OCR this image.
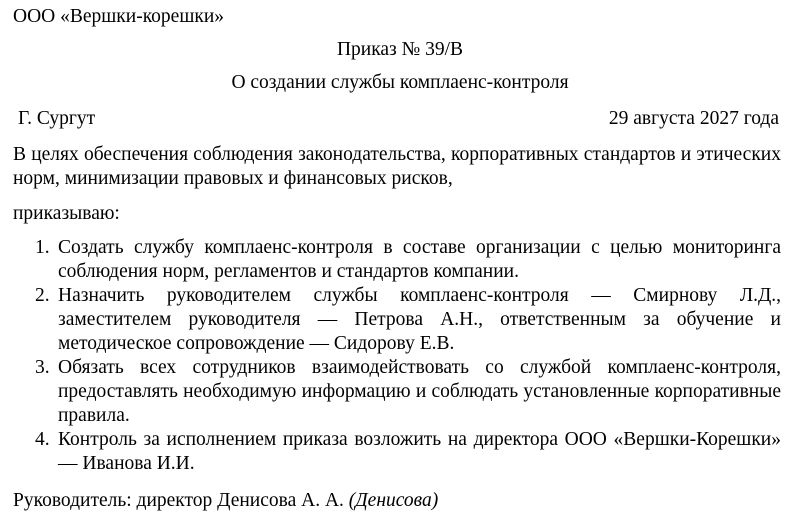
ООО «Вершки-корешки»
Приказ № 39/В
О создании службы комплаенс-контроля
Г. Сургут	29 августа 2027 года
В целях обеспечения соблюдения законодательства, корпоративных стандартов и этических норм, минимизации правовых и финансовых рисков,
приказываю:
1. Создать службу комплаенс-контроля в составе организации с целью мониторинга соблюдения норм, регламентов и стандартов компании.
2. Назначить руководителем службы комплаенс-контроля — Смирнову Л.Д., заместителем руководителя — Петрова А.Н., ответственным за обучение и методическое сопровождение — Сидорову Е.В.
3. Обязать всех сотрудников взаимодействовать со службой комплаенс-контроля, предоставлять необходимую информацию и соблюдать установленные корпоративные правила.
4. Контроль за исполнением приказа возложить на директора ООО «Вершки-Корешки» — Иванова И.И.
Руководитель: директор Денисова А. А. (Денисова)
